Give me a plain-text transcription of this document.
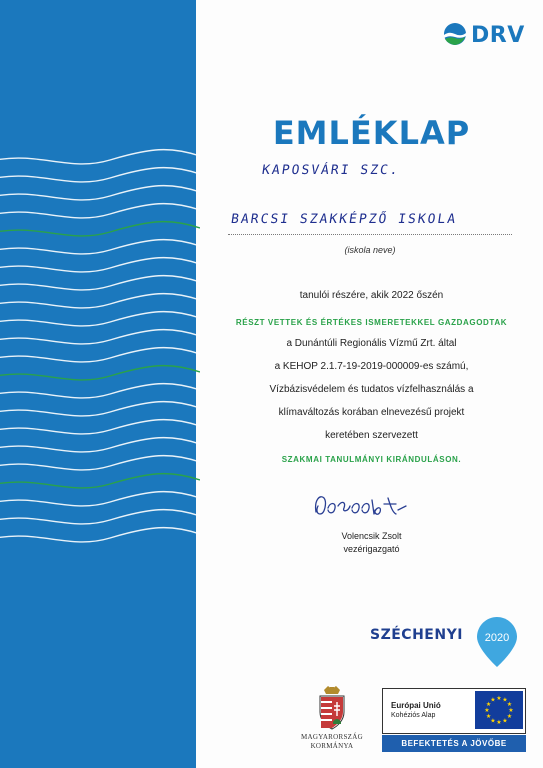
DRV
EMLÉKLAP
KAPOSVÁRI SZC.
BARCSI SZAKKÉPZŐ ISKOLA
(iskola neve)
tanulói részére, akik 2022 őszén
RÉSZT VETTEK ÉS ÉRTÉKES ISMERETEKKEL GAZDAGODTAK
a Dunántúli Regionális Vízmű Zrt. által
a KEHOP 2.1.7-19-2019-000009-es számú,
Vízbázisvédelem és tudatos vízfelhasználás a
klímaváltozás korában elnevezésű projekt
keretében szervezett
SZAKMAI TANULMÁNYI KIRÁNDULÁSON.
Volencsik Zsolt
vezérigazgató
SZÉCHENYI 2020
MAGYARORSZÁG
KORMÁNYA
Európai Unió
Kohéziós Alap
★
★
★
★
★
★
★
★
★ ★ ★
★
BEFEKTETÉS A JÖVŐBE
